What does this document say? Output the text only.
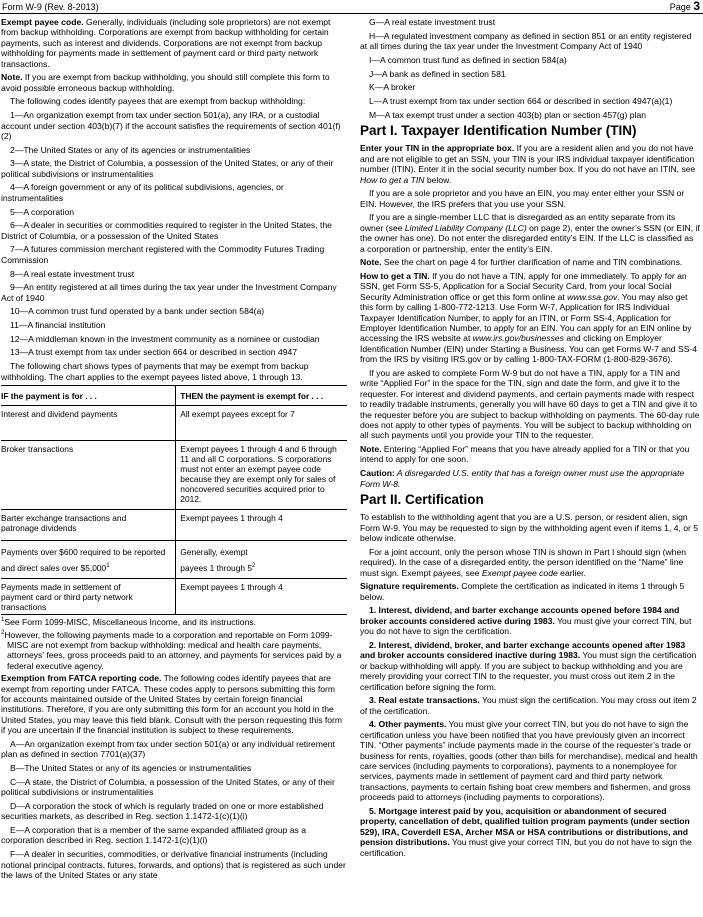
Form W-9 (Rev. 8-2013)	Page 3

Exempt payee code. Generally, individuals (including sole proprietors) are not exempt from backup withholding. Corporations are exempt from backup withholding for certain payments, such as interest and dividends. Corporations are not exempt from backup withholding for payments made in settlement of payment card or third party network transactions.

Note. If you are exempt from backup withholding, you should still complete this form to avoid possible erroneous backup withholding.

The following codes identify payees that are exempt from backup withholding:

1—An organization exempt from tax under section 501(a), any IRA, or a custodial account under section 403(b)(7) if the account satisfies the requirements of section 401(f)(2)

2—The United States or any of its agencies or instrumentalities

3—A state, the District of Columbia, a possession of the United States, or any of their political subdivisions or instrumentalities

4—A foreign government or any of its political subdivisions, agencies, or instrumentalities

5—A corporation

6—A dealer in securities or commodities required to register in the United States, the District of Columbia, or a possession of the United States

7—A futures commission merchant registered with the Commodity Futures Trading Commission

8—A real estate investment trust

9—An entity registered at all times during the tax year under the Investment Company Act of 1940

10—A common trust fund operated by a bank under section 584(a)

11—A financial institution

12—A middleman known in the investment community as a nominee or custodian

13—A trust exempt from tax under section 664 or described in section 4947

The following chart shows types of payments that may be exempt from backup withholding. The chart applies to the exempt payees listed above, 1 through 13.

IF the payment is for . . .	THEN the payment is exempt for . . .
Interest and dividend payments	All exempt payees except for 7

Broker transactions	Exempt payees 1 through 4 and 6 through 11 and all C corporations. S corporations must not enter an exempt payee code because they are exempt only for sales of noncovered securities acquired prior to 2012.

Barter exchange transactions and patronage dividends	Exempt payees 1 through 4
Payments over $600 required to be reported and direct sales over $5,000$^1$	Generally, exempt payees 1 through $5^2$

Payments made in settlement of payment card or third party network transactions	Exempt payees 1 through 4

$^1$See Form 1099-MISC, Miscellaneous Income, and its instructions.

$^2$However, the following payments made to a corporation and reportable on Form 1099-MISC are not exempt from backup withholding: medical and health care payments, attorneys' fees, gross proceeds paid to an attorney, and payments for services paid by a federal executive agency.

Exemption from FATCA reporting code. The following codes identify payees that are exempt from reporting under FATCA. These codes apply to persons submitting this form for accounts maintained outside of the United States by certain foreign financial institutions. Therefore, if you are only submitting this form for an account you hold in the United States, you may leave this field blank. Consult with the person requesting this form if you are uncertain if the financial institution is subject to these requirements.

A—An organization exempt from tax under section 501(a) or any individual retirement plan as defined in section 7701(a)(37)

B—The United States or any of its agencies or instrumentalities

C—A state, the District of Columbia, a possession of the United States, or any of their political subdivisions or instrumentalities

D—A corporation the stock of which is regularly traded on one or more established securities markets, as described in Reg. section 1.1472-1(c)(1)(i)

E—A corporation that is a member of the same expanded affiliated group as a corporation described in Reg. section 1.1472-1(c)(1)(i)

F—A dealer in securities, commodities, or derivative financial instruments (including notional principal contracts, futures, forwards, and options) that is registered as such under the laws of the United States or any state

G—A real estate investment trust

H—A regulated investment company as defined in section 851 or an entity registered at all times during the tax year under the Investment Company Act of 1940

I—A common trust fund as defined in section 584(a)

J—A bank as defined in section 581

K—A broker

L—A trust exempt from tax under section 664 or described in section 4947(a)(1)

M—A tax exempt trust under a section 403(b) plan or section 457(g) plan

Part I. Taxpayer Identification Number (TIN)

Enter your TIN in the appropriate box. If you are a resident alien and you do not have and are not eligible to get an SSN, your TIN is your IRS individual taxpayer identification number (ITIN). Enter it in the social security number box. If you do not have an ITIN, see How to get a TIN below.

If you are a sole proprietor and you have an EIN, you may enter either your SSN or EIN. However, the IRS prefers that you use your SSN.

If you are a single-member LLC that is disregarded as an entity separate from its owner (see Limited Liability Company (LLC) on page 2), enter the owner’s SSN (or EIN, if the owner has one). Do not enter the disregarded entity’s EIN. If the LLC is classified as a corporation or partnership, enter the entity’s EIN.

Note. See the chart on page 4 for further clarification of name and TIN combinations.

How to get a TIN. If you do not have a TIN, apply for one immediately. To apply for an SSN, get Form SS-5, Application for a Social Security Card, from your local Social Security Administration office or get this form online at www.ssa.gov. You may also get this form by calling 1-800-772-1213. Use Form W-7, Application for IRS Individual Taxpayer Identification Number, to apply for an ITIN, or Form SS-4, Application for Employer Identification Number, to apply for an EIN. You can apply for an EIN online by accessing the IRS website at www.irs.gov/businesses and clicking on Employer Identification Number (EIN) under Starting a Business. You can get Forms W-7 and SS-4 from the IRS by visiting IRS.gov or by calling 1-800-TAX-FORM (1-800-829-3676).

If you are asked to complete Form W-9 but do not have a TIN, apply for a TIN and write “Applied For” in the space for the TIN, sign and date the form, and give it to the requester. For interest and dividend payments, and certain payments made with respect to readily tradable instruments, generally you will have 60 days to get a TIN and give it to the requester before you are subject to backup withholding on payments. The 60-day rule does not apply to other types of payments. You will be subject to backup withholding on all such payments until you provide your TIN to the requester.

Note. Entering “Applied For” means that you have already applied for a TIN or that you intend to apply for one soon.

Caution: A disregarded U.S. entity that has a foreign owner must use the appropriate Form W-8.

Part II. Certification

To establish to the withholding agent that you are a U.S. person, or resident alien, sign Form W-9. You may be requested to sign by the withholding agent even if items 1, 4, or 5 below indicate otherwise.

For a joint account, only the person whose TIN is shown in Part I should sign (when required). In the case of a disregarded entity, the person identified on the “Name” line must sign. Exempt payees, see Exempt payee code earlier.

Signature requirements. Complete the certification as indicated in items 1 through 5 below.

1. Interest, dividend, and barter exchange accounts opened before 1984 and broker accounts considered active during 1983. You must give your correct TIN, but you do not have to sign the certification.

2. Interest, dividend, broker, and barter exchange accounts opened after 1983 and broker accounts considered inactive during 1983. You must sign the certification or backup withholding will apply. If you are subject to backup withholding and you are merely providing your correct TIN to the requester, you must cross out item 2 in the certification before signing the form.

3. Real estate transactions. You must sign the certification. You may cross out item 2 of the certification.

4. Other payments. You must give your correct TIN, but you do not have to sign the certification unless you have been notified that you have previously given an incorrect TIN. “Other payments” include payments made in the course of the requester’s trade or business for rents, royalties, goods (other than bills for merchandise), medical and health care services (including payments to corporations), payments to a nonemployee for services, payments made in settlement of payment card and third party network transactions, payments to certain fishing boat crew members and fishermen, and gross proceeds paid to attorneys (including payments to corporations).

5. Mortgage interest paid by you, acquisition or abandonment of secured property, cancellation of debt, qualified tuition program payments (under section 529), IRA, Coverdell ESA, Archer MSA or HSA contributions or distributions, and pension distributions. You must give your correct TIN, but you do not have to sign the certification.
